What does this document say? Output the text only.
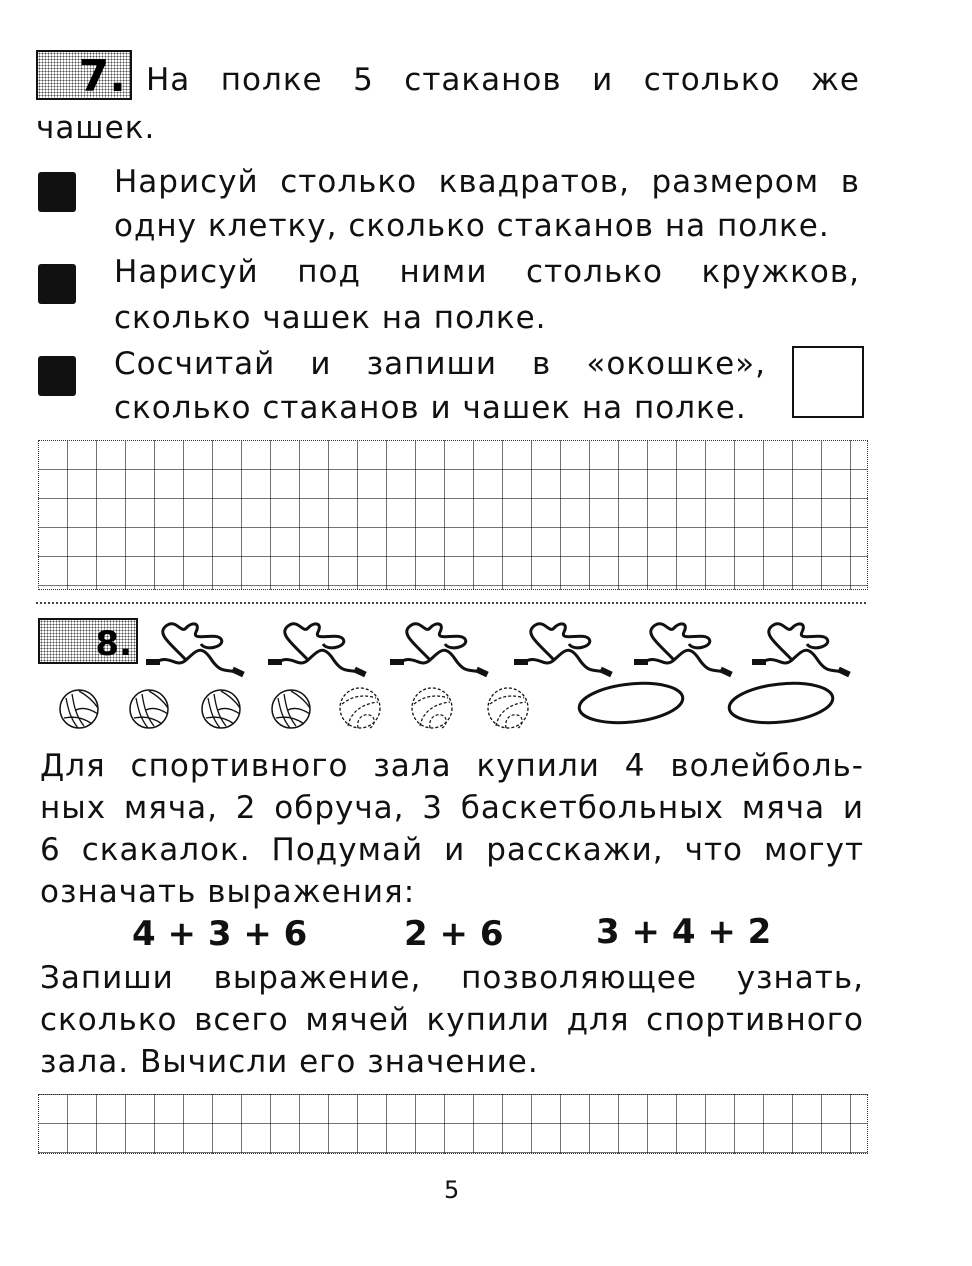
7. На полке 5 стаканов и столько же
чашек.
Нарисуй столько квадратов, размером в
одну клетку, сколько стаканов на полке.
Нарисуй под ними столько кружков,
сколько чашек на полке.
Сосчитай и запиши в «окошке»,
сколько стаканов и чашек на полке.
8.
Для спортивного зала купили 4 волейболь-
ных мяча, 2 обруча, 3 баскетбольных мяча и
6 скакалок. Подумай и расскажи, что могут
означать выражения:
4 + 3 + 6	2 + 6	3 + 4 + 2
Запиши выражение, позволяющее узнать,
сколько всего мячей купили для спортивного
зала. Вычисли его значение.
5
